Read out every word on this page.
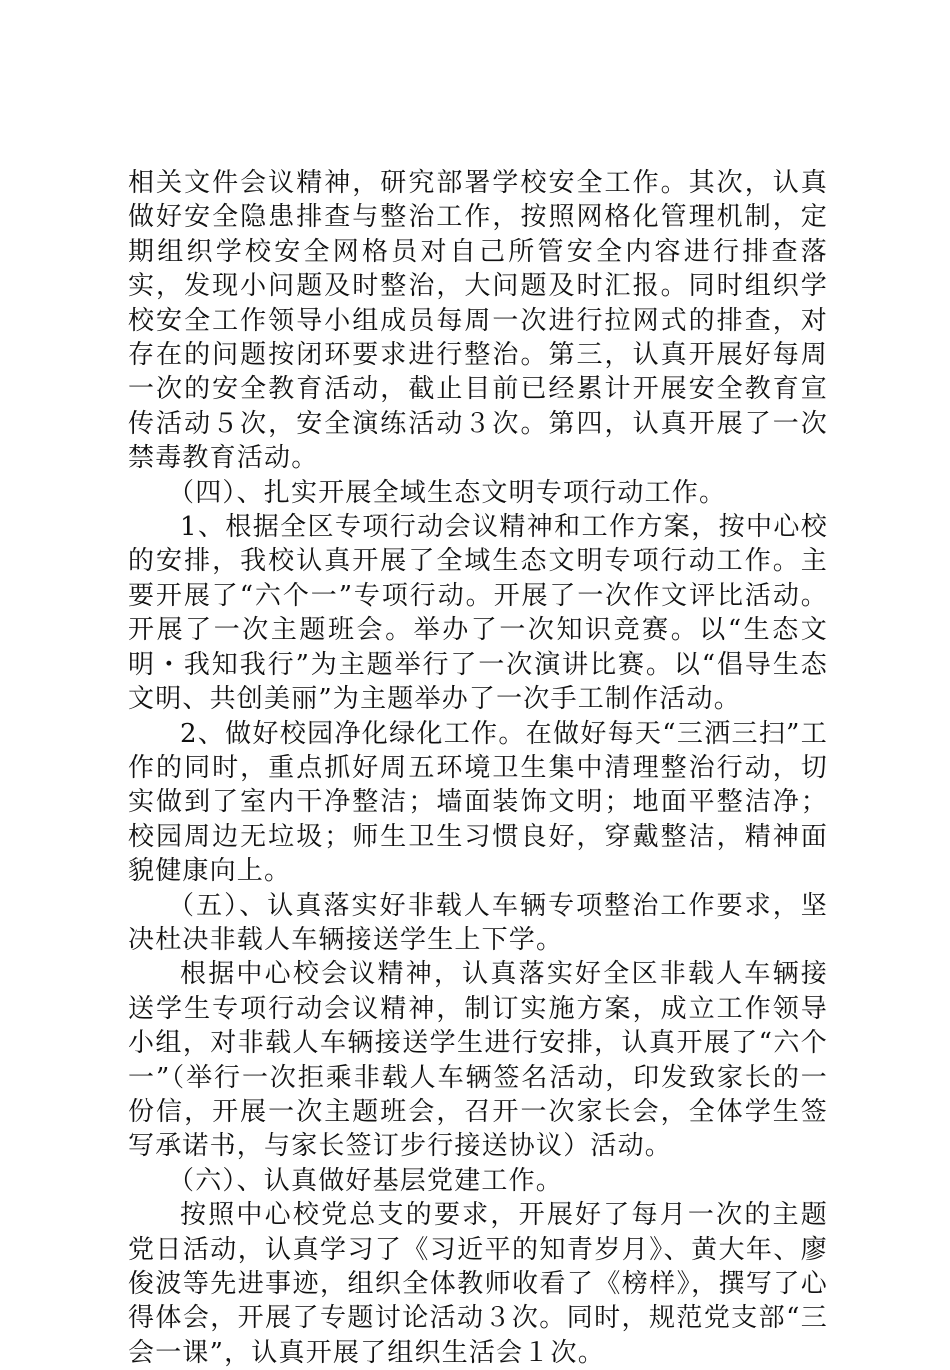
相关文件会议精神，研究部署学校安全工作。其次，认真做好安全隐患排查与整治工作，按照网格化管理机制，定期组织学校安全网格员对自己所管安全内容进行排查落实，发现小问题及时整治，大问题及时汇报。同时组织学校安全工作领导小组成员每周一次进行拉网式的排查，对存在的问题按闭环要求进行整治。第三，认真开展好每周一次的安全教育活动，截止目前已经累计开展安全教育宣传活动５次，安全演练活动３次。第四，认真开展了一次禁毒教育活动。

（四）、扎实开展全域生态文明专项行动工作。

1、根据全区专项行动会议精神和工作方案，按中心校的安排，我校认真开展了全域生态文明专项行动工作。主要开展了“六个一”专项行动。开展了一次作文评比活动。开展了一次主题班会。举办了一次知识竞赛。以“生态文明・我知我行”为主题举行了一次演讲比赛。以“倡导生态文明、共创美丽”为主题举办了一次手工制作活动。

2、做好校园净化绿化工作。在做好每天“三洒三扫”工作的同时，重点抓好周五环境卫生集中清理整治行动，切实做到了室内干净整洁；墙面装饰文明；地面平整洁净；校园周边无垃圾；师生卫生习惯良好，穿戴整洁，精神面貌健康向上。

（五）、认真落实好非载人车辆专项整治工作要求，坚决杜决非载人车辆接送学生上下学。

根据中心校会议精神，认真落实好全区非载人车辆接送学生专项行动会议精神，制订实施方案，成立工作领导小组，对非载人车辆接送学生进行安排，认真开展了“六个一”（举行一次拒乘非载人车辆签名活动，印发致家长的一份信，开展一次主题班会，召开一次家长会，全体学生签写承诺书，与家长签订步行接送协议）活动。

（六）、认真做好基层党建工作。

按照中心校党总支的要求，开展好了每月一次的主题党日活动，认真学习了《习近平的知青岁月》、黄大年、廖俊波等先进事迹，组织全体教师收看了《榜样》，撰写了心得体会，开展了专题讨论活动３次。同时，规范党支部“三会一课”，认真开展了组织生活会１次。
